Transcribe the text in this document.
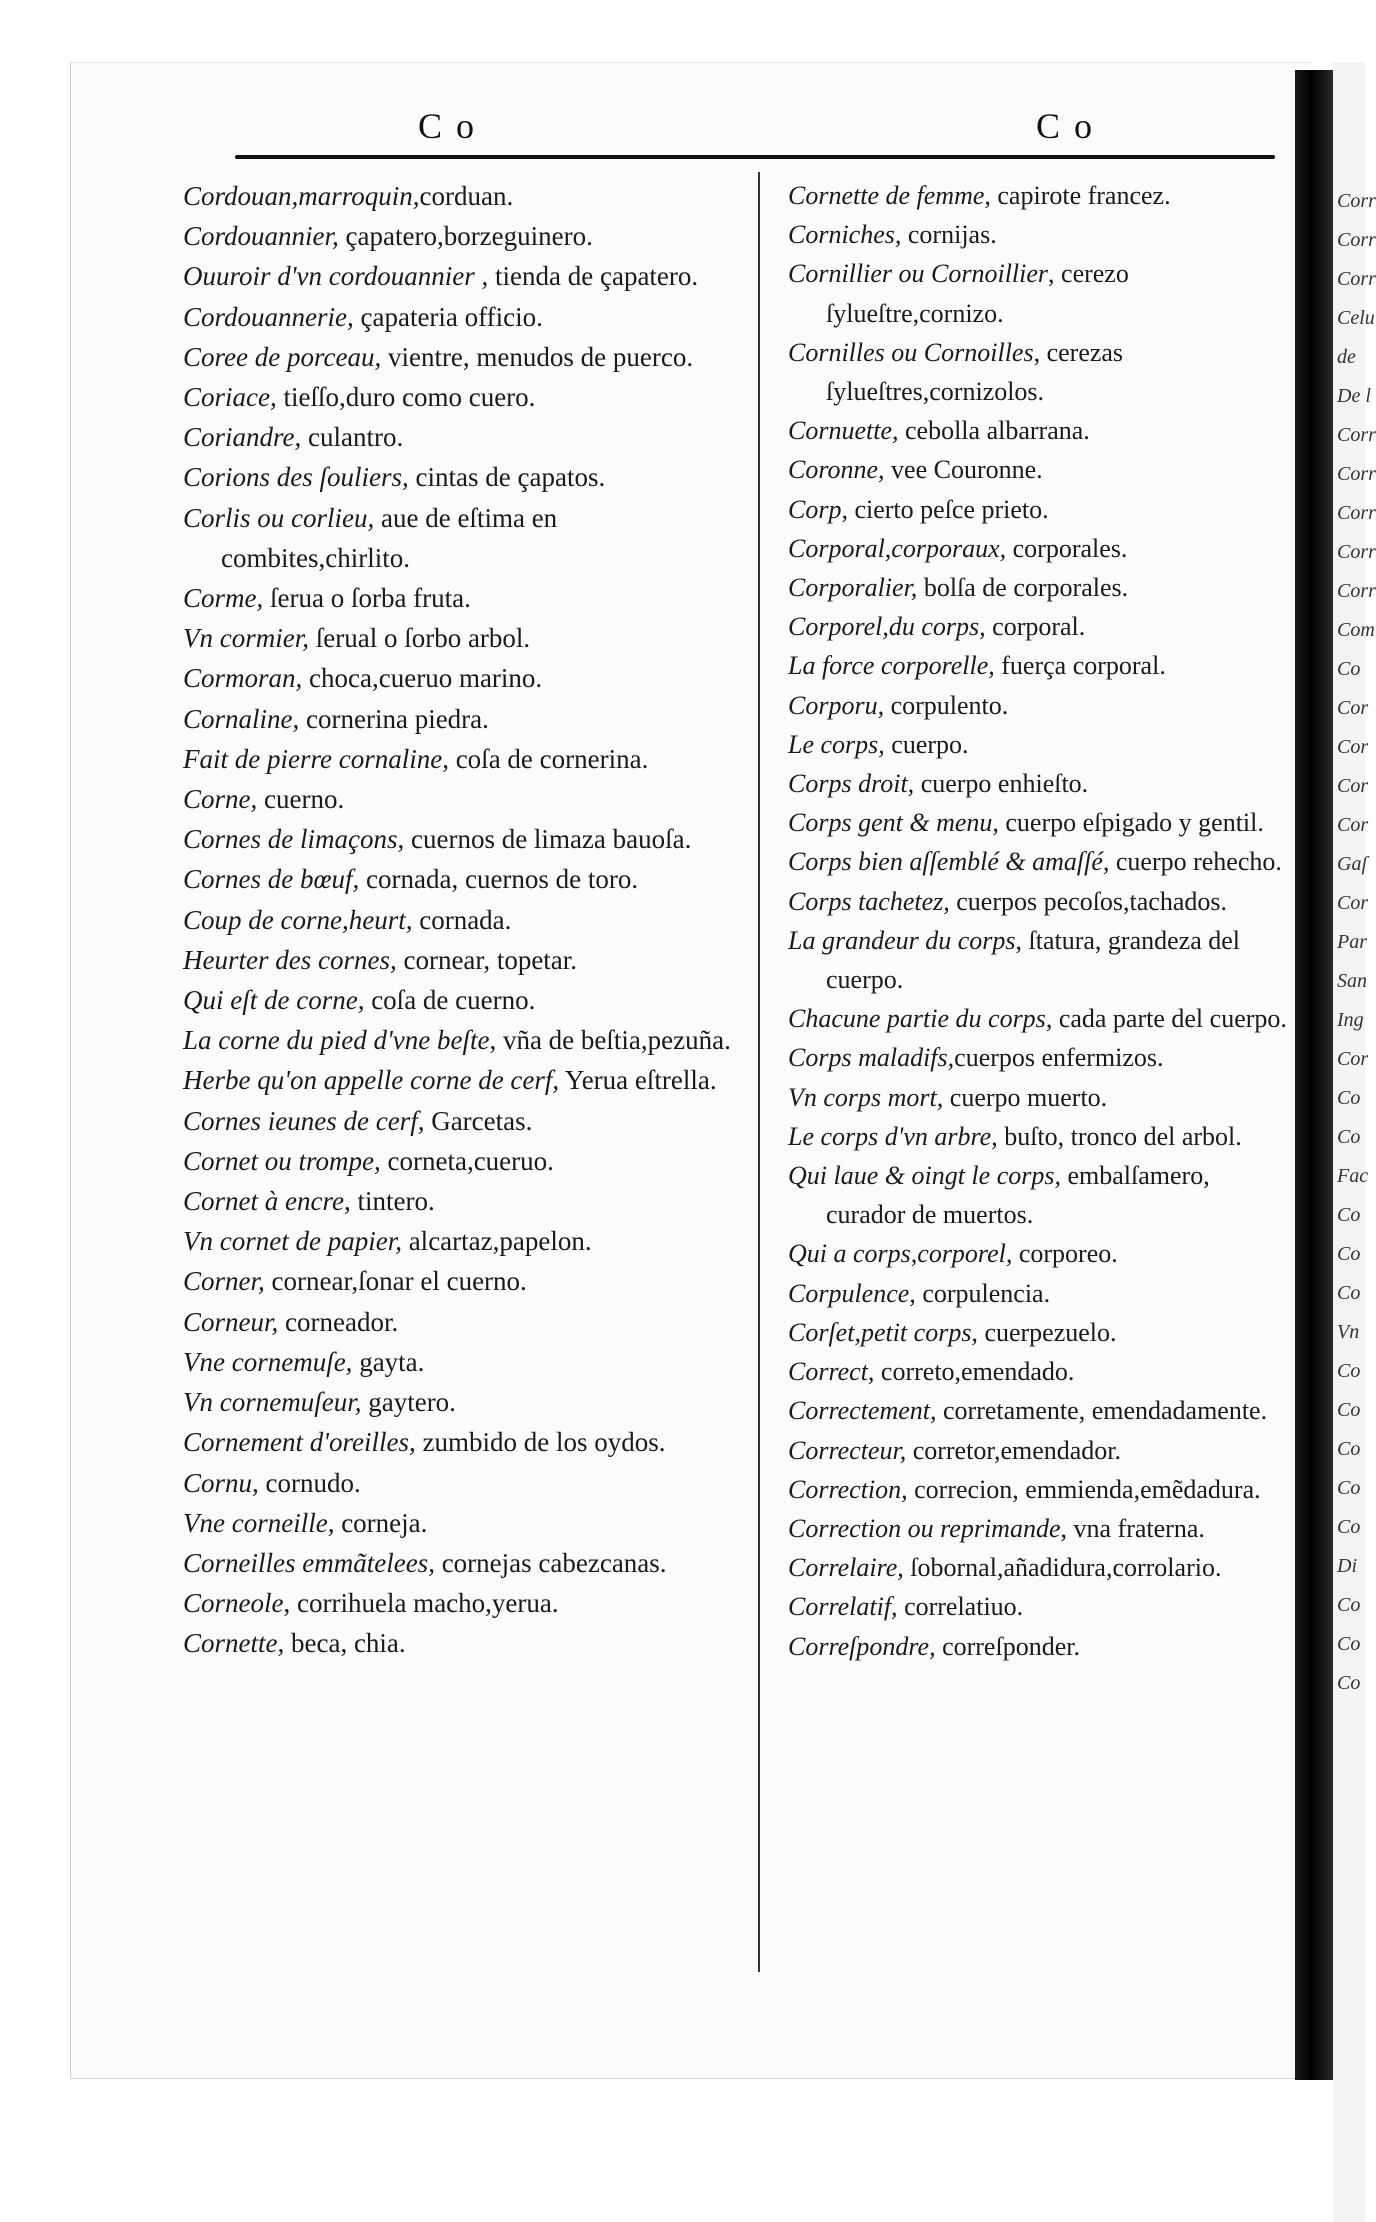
Corr
Corr
Corr
Celu
de
De l
Corr
Corr
Corr
Corr
Corr
Com
Co
Cor
Cor
Cor
Cor
Gaſ
Cor
Par
San
Ing
Cor
Co
Co
Fac
Co
Co
Co
Vn
Co
Co
Co
Co
Co
Di
Co
Co
Co
Co	Co

Cordouan,marroquin,corduan.

Cordouannier, çapatero,borzeguinero.

Ouuroir d'vn cordouannier , tienda de çapatero.

Cordouannerie, çapateria officio.

Coree de porceau, vientre, menudos de puerco.

Coriace, tieſſo,duro como cuero.

Coriandre, culantro.

Corions des ſouliers, cintas de çapatos.

Corlis ou corlieu, aue de eſtima en combites,chirlito.

Corme, ſerua o ſorba fruta.

Vn cormier, ſerual o ſorbo arbol.

Cormoran, choca,cueruo marino.

Cornaline, cornerina piedra.

Fait de pierre cornaline, coſa de cornerina.

Corne, cuerno.

Cornes de limaçons, cuernos de limaza bauoſa.

Cornes de bœuf, cornada, cuernos de toro.

Coup de corne,heurt, cornada.

Heurter des cornes, cornear, topetar.

Qui eſt de corne, coſa de cuerno.

La corne du pied d'vne beſte, vña de beſtia,pezuña.

Herbe qu'on appelle corne de cerf, Yerua eſtrella.

Cornes ieunes de cerf, Garcetas.

Cornet ou trompe, corneta,cueruo.

Cornet à encre, tintero.

Vn cornet de papier, alcartaz,papelon.

Corner, cornear,ſonar el cuerno.

Corneur, corneador.

Vne cornemuſe, gayta.

Vn cornemuſeur, gaytero.

Cornement d'oreilles, zumbido de los oydos.

Cornu, cornudo.

Vne corneille, corneja.

Corneilles emmãtelees, cornejas cabezcanas.

Corneole, corrihuela macho,yerua.

Cornette, beca, chia.

Cornette de femme, capirote francez.

Corniches, cornijas.

Cornillier ou Cornoillier, cerezo ſylueſtre,cornizo.

Cornilles ou Cornoilles, cerezas ſylueſtres,cornizolos.

Cornuette, cebolla albarrana.

Coronne, vee Couronne.

Corp, cierto peſce prieto.

Corporal,corporaux, corporales.

Corporalier, bolſa de corporales.

Corporel,du corps, corporal.

La force corporelle, fuerça corporal.

Corporu, corpulento.

Le corps, cuerpo.

Corps droit, cuerpo enhieſto.

Corps gent & menu, cuerpo eſpigado y gentil.

Corps bien aſſemblé & amaſſé, cuerpo rehecho.

Corps tachetez, cuerpos pecoſos,tachados.

La grandeur du corps, ſtatura, grandeza del cuerpo.

Chacune partie du corps, cada parte del cuerpo.

Corps maladifs,cuerpos enfermizos.

Vn corps mort, cuerpo muerto.

Le corps d'vn arbre, buſto, tronco del arbol.

Qui laue & oingt le corps, embalſamero, curador de muertos.

Qui a corps,corporel, corporeo.

Corpulence, corpulencia.

Corſet,petit corps, cuerpezuelo.

Correct, correto,emendado.

Correctement, corretamente, emendadamente.

Correcteur, corretor,emendador.

Correction, correcion, emmienda,emẽdadura.

Correction ou reprimande, vna fraterna.

Correlaire, ſobornal,añadidura,corrolario.

Correlatif, correlatiuo.

Correſpondre, correſponder.
